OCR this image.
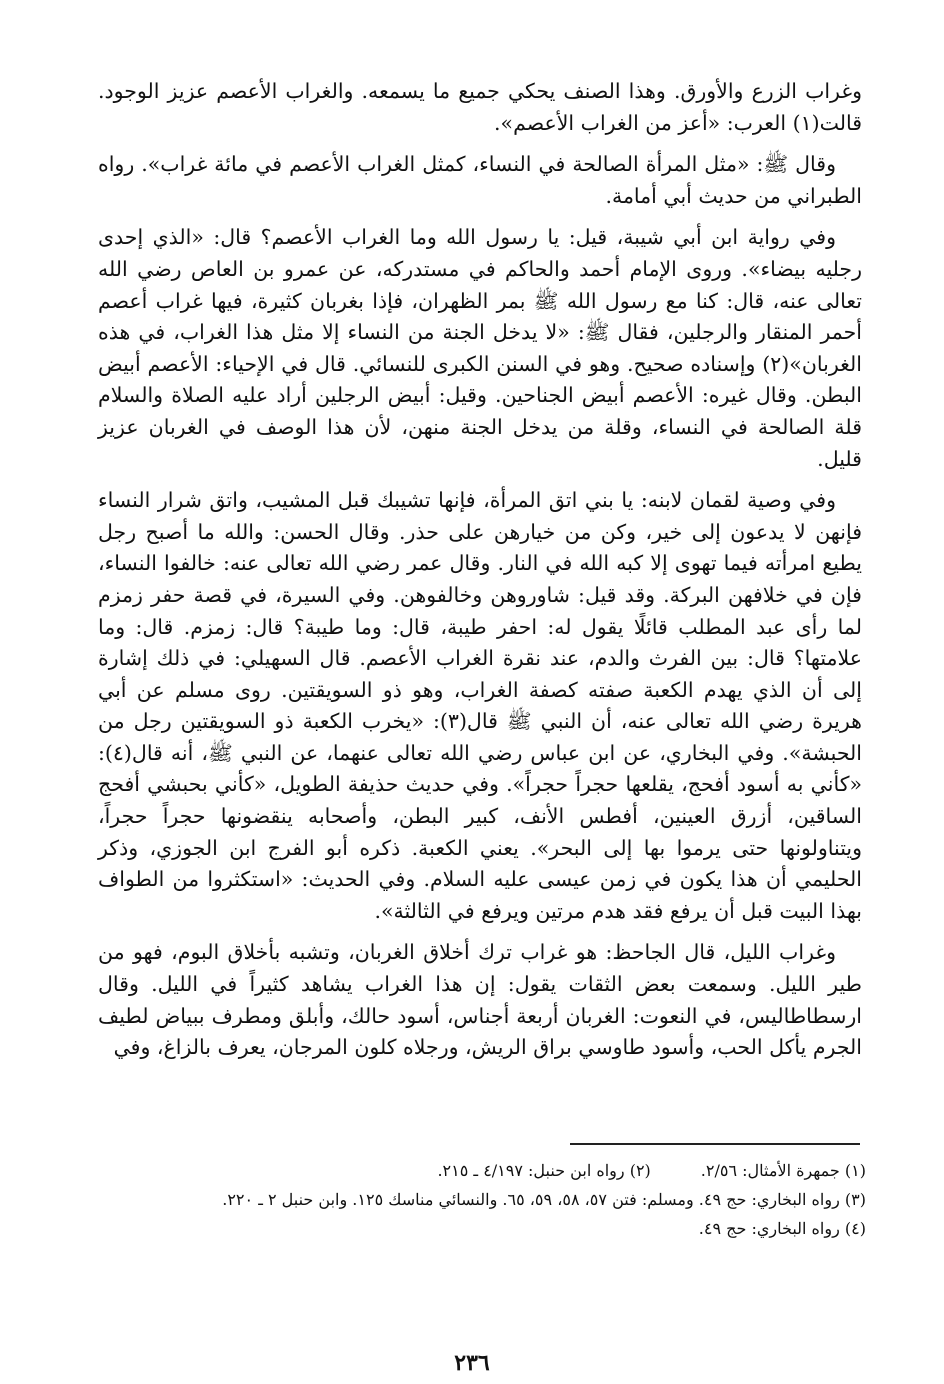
وغراب الزرع والأورق. وهذا الصنف يحكي جميع ما يسمعه. والغراب الأعصم عزيز الوجود. قالت(١) العرب: «أعز من الغراب الأعصم».

وقال ﷺ: «مثل المرأة الصالحة في النساء، كمثل الغراب الأعصم في مائة غراب». رواه الطبراني من حديث أبي أمامة.

وفي رواية ابن أبي شيبة، قيل: يا رسول الله وما الغراب الأعصم؟ قال: «الذي إحدى رجليه بيضاء». وروى الإمام أحمد والحاكم في مستدركه، عن عمرو بن العاص رضي الله تعالى عنه، قال: كنا مع رسول الله ﷺ بمر الظهران، فإذا بغربان كثيرة، فيها غراب أعصم أحمر المنقار والرجلين، فقال ﷺ: «لا يدخل الجنة من النساء إلا مثل هذا الغراب، في هذه الغربان»(٢) وإسناده صحيح. وهو في السنن الكبرى للنسائي. قال في الإحياء: الأعصم أبيض البطن. وقال غيره: الأعصم أبيض الجناحين. وقيل: أبيض الرجلين أراد عليه الصلاة والسلام قلة الصالحة في النساء، وقلة من يدخل الجنة منهن، لأن هذا الوصف في الغربان عزيز قليل.

وفي وصية لقمان لابنه: يا بني اتق المرأة، فإنها تشيبك قبل المشيب، واتق شرار النساء فإنهن لا يدعون إلى خير، وكن من خيارهن على حذر. وقال الحسن: والله ما أصبح رجل يطيع امرأته فيما تهوى إلا كبه الله في النار. وقال عمر رضي الله تعالى عنه: خالفوا النساء، فإن في خلافهن البركة. وقد قيل: شاوروهن وخالفوهن. وفي السيرة، في قصة حفر زمزم لما رأى عبد المطلب قائلًا يقول له: احفر طيبة، قال: وما طيبة؟ قال: زمزم. قال: وما علامتها؟ قال: بين الفرث والدم، عند نقرة الغراب الأعصم. قال السهيلي: في ذلك إشارة إلى أن الذي يهدم الكعبة صفته كصفة الغراب، وهو ذو السويقتين. روى مسلم عن أبي هريرة رضي الله تعالى عنه، أن النبي ﷺ قال(٣): «يخرب الكعبة ذو السويقتين رجل من الحبشة». وفي البخاري، عن ابن عباس رضي الله تعالى عنهما، عن النبي ﷺ، أنه قال(٤): «كأني به أسود أفحج، يقلعها حجراً حجراً». وفي حديث حذيفة الطويل، «كأني بحبشي أفحج الساقين، أزرق العينين، أفطس الأنف، كبير البطن، وأصحابه ينقضونها حجراً حجراً، ويتناولونها حتى يرموا بها إلى البحر». يعني الكعبة. ذكره أبو الفرج ابن الجوزي، وذكر الحليمي أن هذا يكون في زمن عيسى عليه السلام. وفي الحديث: «استكثروا من الطواف بهذا البيت قبل أن يرفع فقد هدم مرتين ويرفع في الثالثة».

وغراب الليل، قال الجاحظ: هو غراب ترك أخلاق الغربان، وتشبه بأخلاق البوم، فهو من طير الليل. وسمعت بعض الثقات يقول: إن هذا الغراب يشاهد كثيراً في الليل. وقال ارسطاطاليس، في النعوت: الغربان أربعة أجناس، أسود حالك، وأبلق ومطرف ببياض لطيف الجرم يأكل الحب، وأسود طاوسي براق الريش، ورجلاه كلون المرجان، يعرف بالزاغ، وفي

(١) جمهرة الأمثال: ٢/٥٦.
(٢) رواه ابن حنبل: ٤/١٩٧ ـ ٢١٥.
(٣) رواه البخاري: حج ٤٩. ومسلم: فتن ٥٧، ٥٨، ٥٩، ٦٥. والنسائي مناسك ١٢٥. وابن حنبل ٢ ـ ٢٢٠.
(٤) رواه البخاري: حج ٤٩.
٢٣٦
